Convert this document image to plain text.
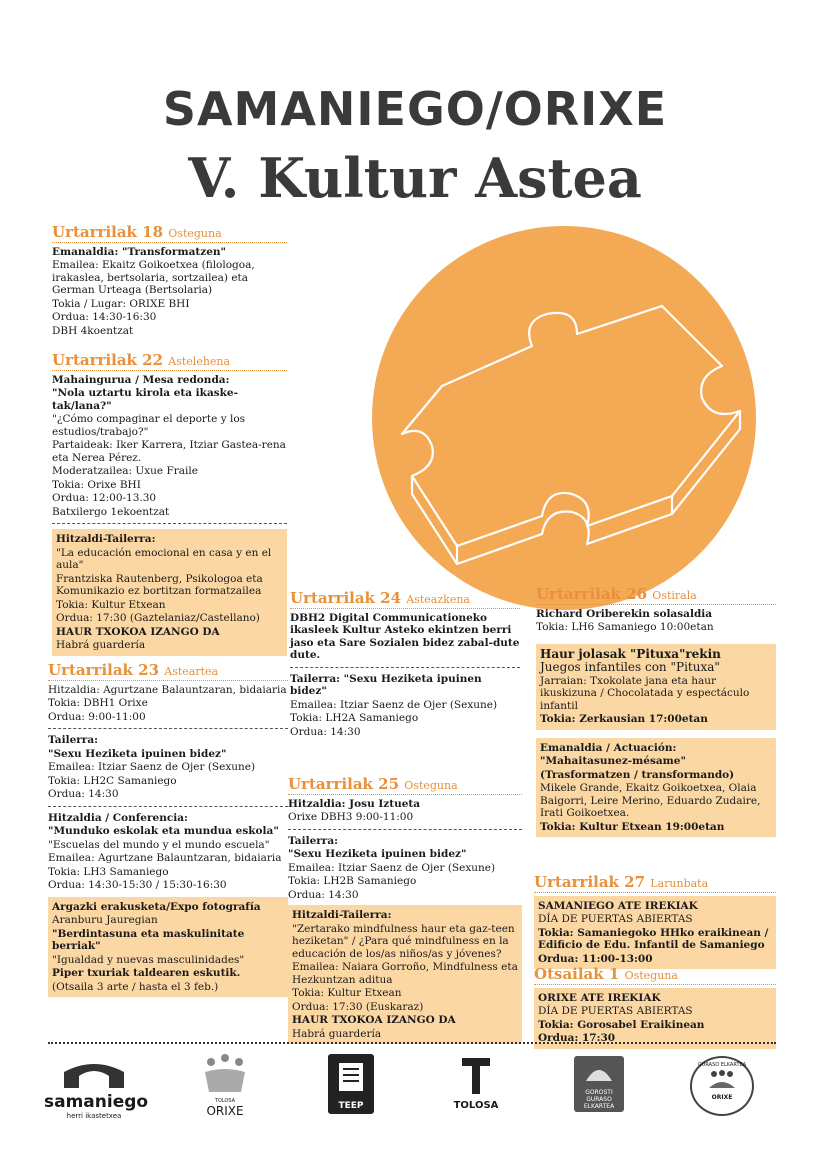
SAMANIEGO/ORIXE
V. Kultur Astea
Urtarrilak 18 Osteguna
Emanaldia: "Transformatzen"
Emailea: Ekaitz Goikoetxea (filologoa, irakaslea, bertsolaria, sortzailea) eta German Urteaga (Bertsolaria)
Tokia / Lugar: ORIXE BHI
Ordua: 14:30-16:30
DBH 4koentzat
Urtarrilak 22 Astelehena
Mahaingurua / Mesa redonda:
"Nola uztartu kirola eta ikaske-tak/lana?"
"¿Cómo compaginar el deporte y los estudios/trabajo?"
Partaideak: Iker Karrera, Itziar Gastea-rena eta Nerea Pérez.
Moderatzailea: Uxue Fraile
Tokia: Orixe BHI
Ordua: 12:00-13.30
Batxilergo 1ekoentzat
Hitzaldi-Tailerra:
"La educación emocional en casa y en el aula"
Frantziska Rautenberg, Psikologoa eta Komunikazio ez bortitzan formatzailea
Tokia: Kultur Etxean
Ordua: 17:30 (Gaztelaniaz/Castellano)
HAUR TXOKOA IZANGO DA
Habrá guardería
Urtarrilak 23 Asteartea
Hitzaldia: Agurtzane Balauntzaran, bidaiaria
Tokia: DBH1 Orixe
Ordua: 9:00-11:00
Tailerra:
"Sexu Heziketa ipuinen bidez"
Emailea: Itziar Saenz de Ojer (Sexune)
Tokia: LH2C Samaniego
Ordua: 14:30
Hitzaldia / Conferencia:
"Munduko eskolak eta mundua eskola"
"Escuelas del mundo y el mundo escuela"
Emailea: Agurtzane Balauntzaran, bidaiaria
Tokia: LH3 Samaniego
Ordua: 14:30-15:30 / 15:30-16:30
Argazki erakusketa/Expo fotografía
Aranburu Jauregian
"Berdintasuna eta maskulinitate berriak"
"Igualdad y nuevas masculinidades"
Piper txuriak taldearen eskutik.
(Otsaila 3 arte / hasta el 3 feb.)
Urtarrilak 24 Asteazkena
DBH2 Digital Communicationeko ikasleek Kultur Asteko ekintzen berri jaso eta Sare Sozialen bidez zabal-dute dute.
Tailerra: "Sexu Heziketa ipuinen bidez"
Emailea: Itziar Saenz de Ojer (Sexune)
Tokia: LH2A Samaniego
Ordua: 14:30
Urtarrilak 25 Osteguna
Hitzaldia: Josu Iztueta
Orixe DBH3 9:00-11:00
Tailerra:
"Sexu Heziketa ipuinen bidez"
Emailea: Itziar Saenz de Ojer (Sexune)
Tokia: LH2B Samaniego
Ordua: 14:30
Hitzaldi-Tailerra:
"Zertarako mindfulness haur eta gaz-teen heziketan" / ¿Para qué mindfulness en la educación de los/as niños/as y jóvenes?
Emailea: Naiara Gorroño, Mindfulness eta Hezkuntzan aditua
Tokia: Kultur Etxean
Ordua: 17:30 (Euskaraz)
HAUR TXOKOA IZANGO DA
Habrá guardería
Urtarrilak 26 Ostirala
Richard Oriberekin solasaldia
Tokia: LH6 Samaniego 10:00etan
Haur jolasak "Pituxa"rekin
Juegos infantiles con "Pituxa"
Jarraian: Txokolate jana eta haur ikuskizuna / Chocolatada y espectáculo infantil
Tokia: Zerkausian 17:00etan
Emanaldia / Actuación:
"Mahaitasunez-mésame"
(Trasformatzen / transformando)
Mikele Grande, Ekaitz Goikoetxea, Olaia Baigorri, Leire Merino, Eduardo Zudaire, Irati Goikoetxea.
Tokia: Kultur Etxean 19:00etan
Urtarrilak 27 Larunbata
SAMANIEGO ATE IREKIAK
DÍA DE PUERTAS ABIERTAS
Tokia: Samaniegoko HHko eraikinean / Edificio de Edu. Infantil de Samaniego
Ordua: 11:00-13:00
Otsailak 1 Osteguna
ORIXE ATE IREKIAK
DÍA DE PUERTAS ABIERTAS
Tokia: Gorosabel Eraikinean
Ordua: 17:30
samaniego
herri ikastetxea
TOLOSA
ORIXE	TEEP	TOLOSA
GOROSTI GURASO ELKARTEA
GURASO ELKARTEA
ORIXE
